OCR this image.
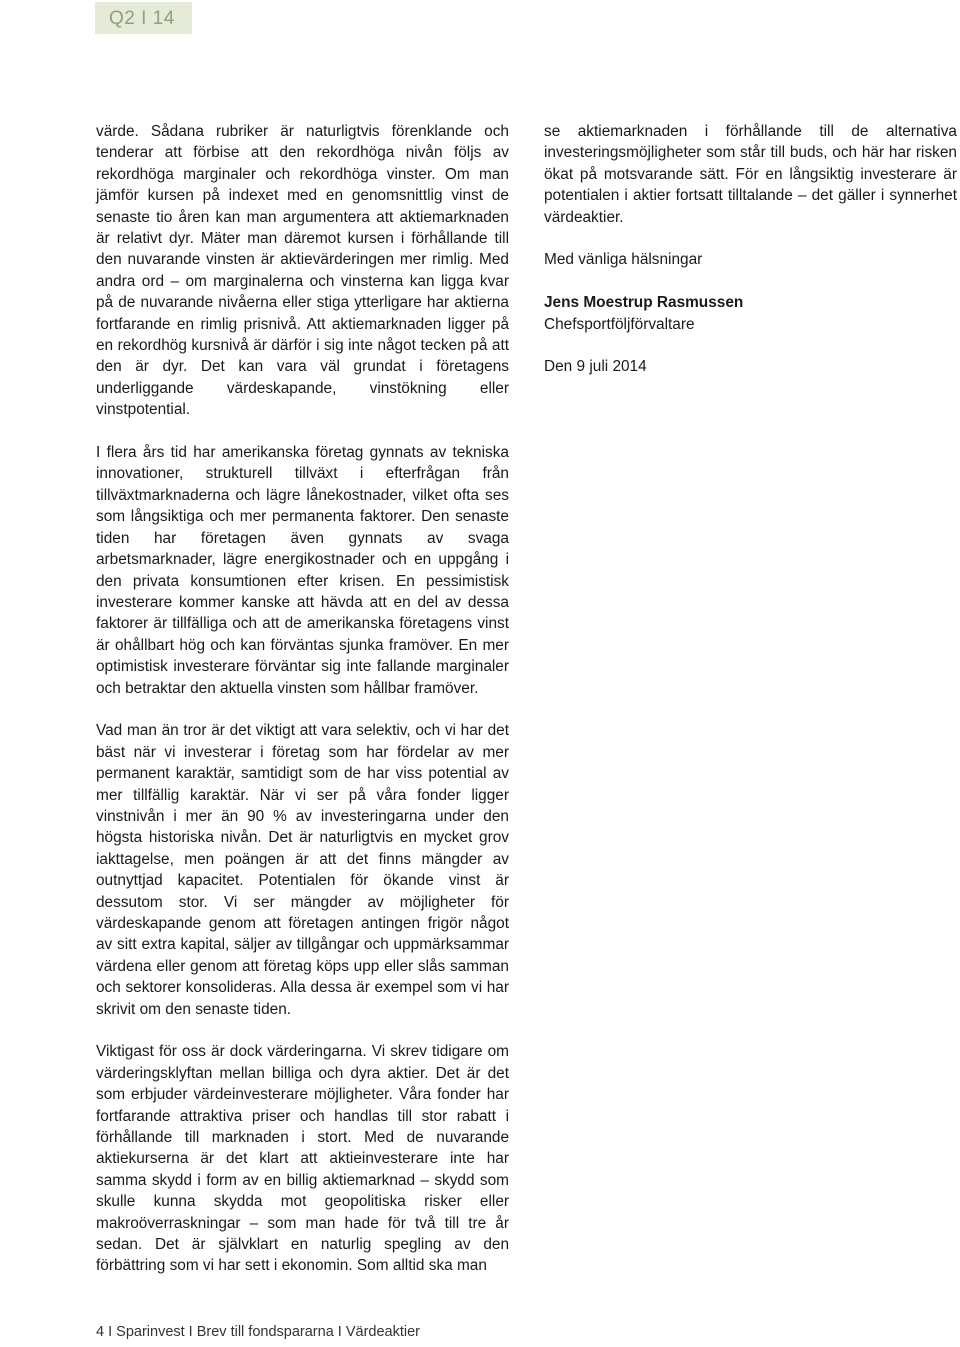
Q2 I 14

värde. Sådana rubriker är naturligtvis förenklande och tenderar att förbise att den rekordhöga nivån följs av rekordhöga marginaler och rekordhöga vinster. Om man jämför kursen på indexet med en genomsnittlig vinst de senaste tio åren kan man argumentera att aktiemarknaden är relativt dyr. Mäter man däremot kursen i förhållande till den nuvarande vinsten är aktievärderingen mer rimlig. Med andra ord – om marginalerna och vinsterna kan ligga kvar på de nuvarande nivåerna eller stiga ytterligare har aktierna fortfarande en rimlig prisnivå. Att aktiemarknaden ligger på en rekordhög kursnivå är därför i sig inte något tecken på att den är dyr. Det kan vara väl grundat i företagens underliggande värdeskapande, vinstökning eller vinstpotential.

I flera års tid har amerikanska företag gynnats av tekniska innovationer, strukturell tillväxt i efterfrågan från tillväxtmarknaderna och lägre lånekostnader, vilket ofta ses som långsiktiga och mer permanenta faktorer. Den senaste tiden har företagen även gynnats av svaga arbetsmarknader, lägre energikostnader och en uppgång i den privata konsumtionen efter krisen. En pessimistisk investerare kommer kanske att hävda att en del av dessa faktorer är tillfälliga och att de amerikanska företagens vinst är ohållbart hög och kan förväntas sjunka framöver. En mer optimistisk investerare förväntar sig inte fallande marginaler och betraktar den aktuella vinsten som hållbar framöver.

Vad man än tror är det viktigt att vara selektiv, och vi har det bäst när vi investerar i företag som har fördelar av mer permanent karaktär, samtidigt som de har viss potential av mer tillfällig karaktär. När vi ser på våra fonder ligger vinstnivån i mer än 90 % av investeringarna under den högsta historiska nivån. Det är naturligtvis en mycket grov iakttagelse, men poängen är att det finns mängder av outnyttjad kapacitet. Potentialen för ökande vinst är dessutom stor. Vi ser mängder av möjligheter för värdeskapande genom att företagen antingen frigör något av sitt extra kapital, säljer av tillgångar och uppmärksammar värdena eller genom att företag köps upp eller slås samman och sektorer konsolideras. Alla dessa är exempel som vi har skrivit om den senaste tiden.

Viktigast för oss är dock värderingarna. Vi skrev tidigare om värderingsklyftan mellan billiga och dyra aktier. Det är det som erbjuder värdeinvesterare möjligheter. Våra fonder har fortfarande attraktiva priser och handlas till stor rabatt i förhållande till marknaden i stort. Med de nuvarande aktiekurserna är det klart att aktieinvesterare inte har samma skydd i form av en billig aktiemarknad – skydd som skulle kunna skydda mot geopolitiska risker eller makroöverraskningar – som man hade för två till tre år sedan. Det är självklart en naturlig spegling av den förbättring som vi har sett i ekonomin. Som alltid ska man

se aktiemarknaden i förhållande till de alternativa investeringsmöjligheter som står till buds, och här har risken ökat på motsvarande sätt. För en långsiktig investerare är potentialen i aktier fortsatt tilltalande – det gäller i synnerhet värdeaktier.

Med vänliga hälsningar

Jens Moestrup Rasmussen

Chefsportföljförvaltare

Den 9 juli 2014

4 I Sparinvest I Brev till fondspararna I Värdeaktier
